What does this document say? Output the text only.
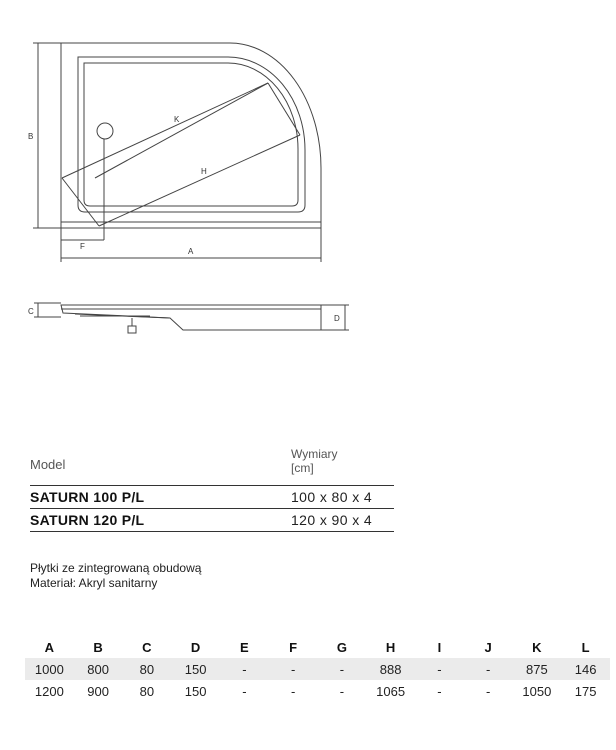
B
K
H
F
A
C
D
Model
Wymiary
[cm]
SATURN 100 P/L	100 x 80 x 4
SATURN 120 P/L	120 x 90 x 4
Płytki ze zintegrowaną obudową
Materiał: Akryl sanitarny
A	B	C	D	E	F	G	H	I	J	K	L
1000	800	80	150	-	-	-	888	-	-	875	146
1200	900	80	150	-	-	-	1065	-	-	1050	175
